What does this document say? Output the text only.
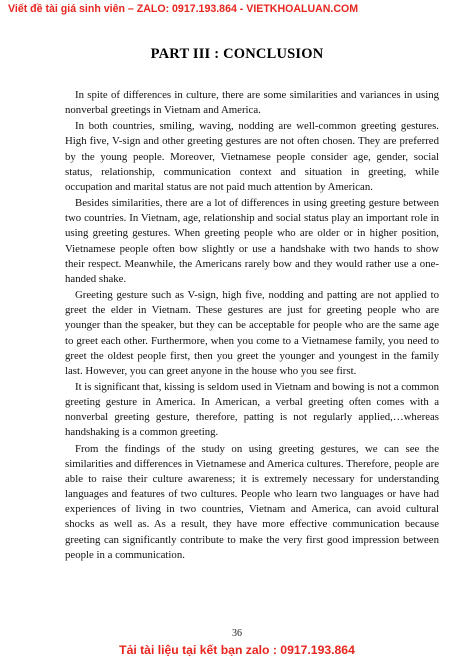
Viết đề tài giá sinh viên – ZALO: 0917.193.864 - VIETKHOALUAN.COM
PART III : CONCLUSION

In spite of differences in culture, there are some similarities and variances in using nonverbal greetings in Vietnam and America.

In both countries, smiling, waving, nodding are well-common greeting gestures. High five, V-sign and other greeting gestures are not often chosen. They are preferred by the young people. Moreover, Vietnamese people consider age, gender, social status, relationship, communication context and situation in greeting, while occupation and marital status are not paid much attention by American.

Besides similarities, there are a lot of differences in using greeting gesture between two countries. In Vietnam, age, relationship and social status play an important role in using greeting gestures. When greeting people who are older or in higher position, Vietnamese people often bow slightly or use a handshake with two hands to show their respect. Meanwhile, the Americans rarely bow and they would rather use a one-handed shake.

Greeting gesture such as V-sign, high five, nodding and patting are not applied to greet the elder in Vietnam. These gestures are just for greeting people who are younger than the speaker, but they can be acceptable for people who are the same age to greet each other. Furthermore, when you come to a Vietnamese family, you need to greet the oldest people first, then you greet the younger and youngest in the family last. However, you can greet anyone in the house who you see first.

It is significant that, kissing is seldom used in Vietnam and bowing is not a common greeting gesture in America. In American, a verbal greeting often comes with a nonverbal greeting gesture, therefore, patting is not regularly applied,…whereas handshaking is a common greeting.

From the findings of the study on using greeting gestures, we can see the similarities and differences in Vietnamese and America cultures. Therefore, people are able to raise their culture awareness; it is extremely necessary for understanding languages and features of two cultures. People who learn two languages or have had experiences of living in two countries, Vietnam and America, can avoid cultural shocks as well as. As a result, they have more effective communication because greeting can significantly contribute to make the very first good impression between people in a communication.

36
Tải tài liệu tại kết bạn zalo : 0917.193.864
